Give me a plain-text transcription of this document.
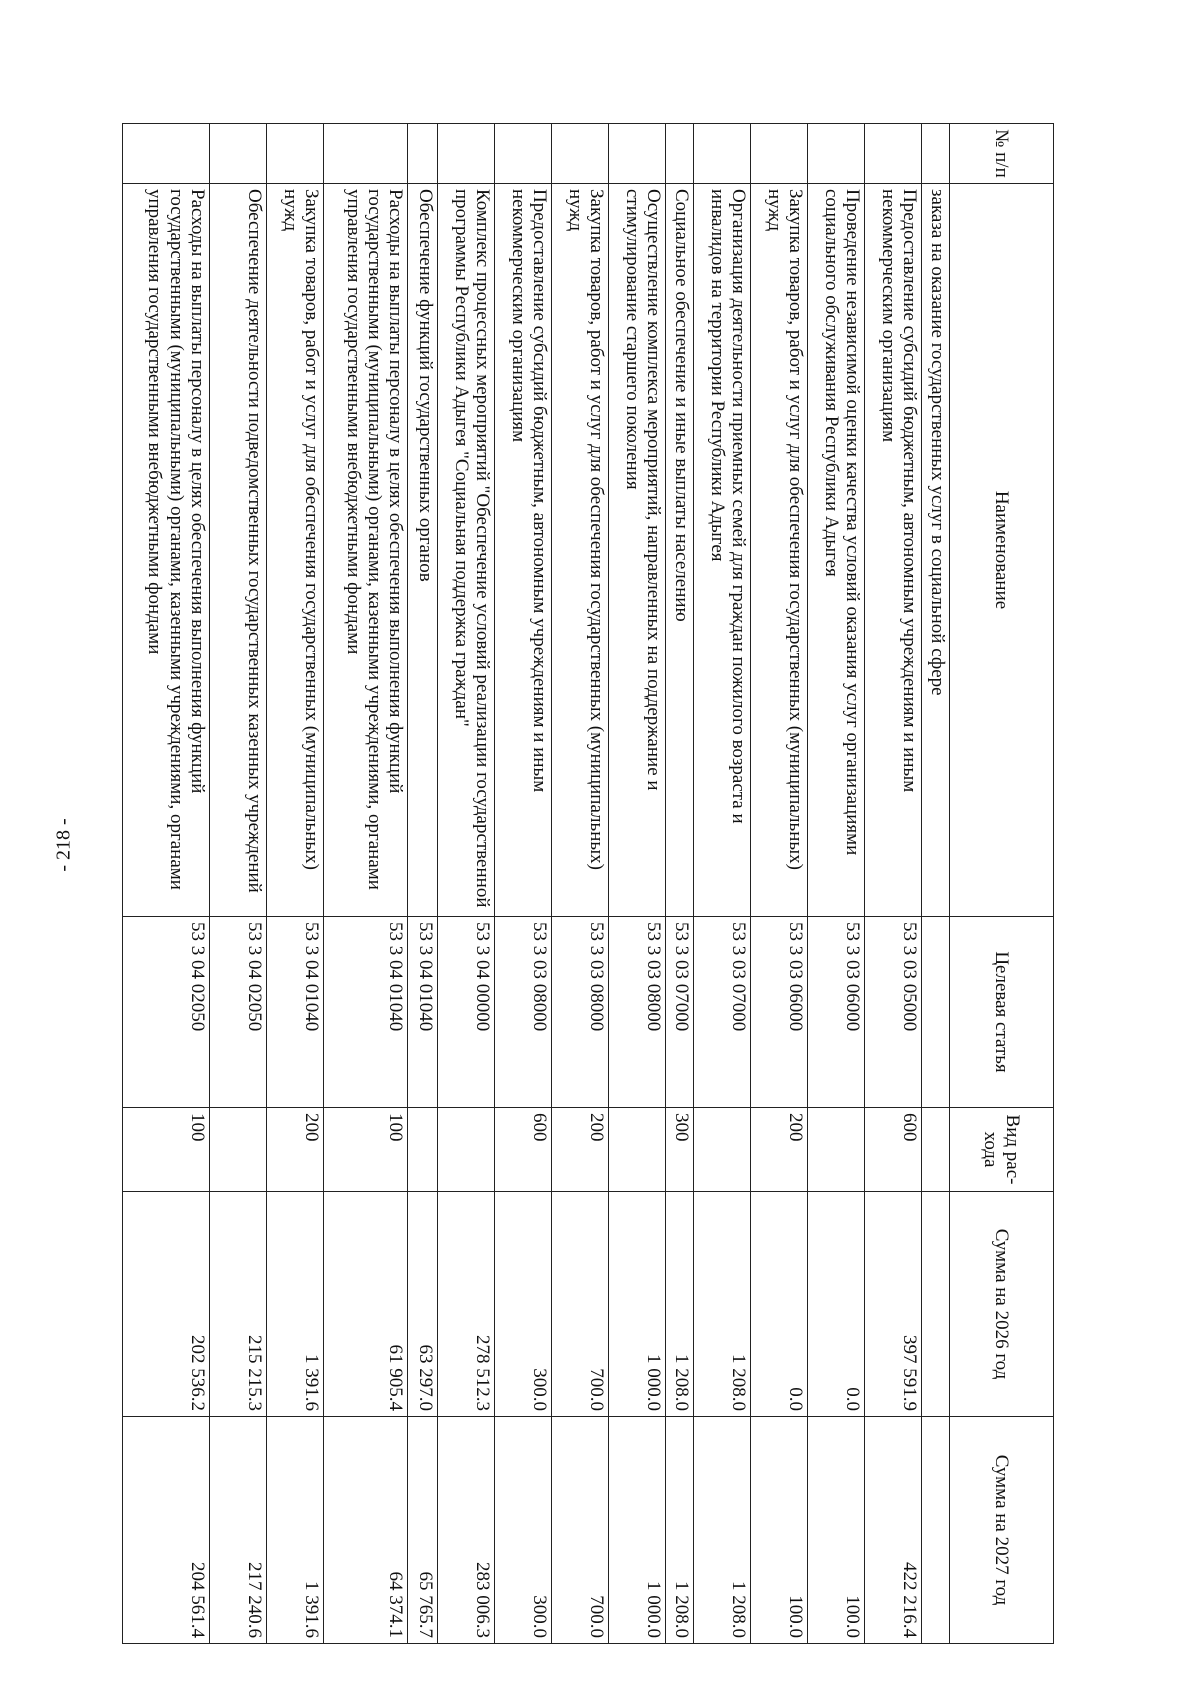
- 218 -
№ п/п	Наименование	Целевая статья	Вид рас-хода	Сумма на 2026 год	Сумма на 2027 год
	заказа на оказание государственных услуг в социальной сфере				
	Предоставление субсидий бюджетным, автономным учреждениям и иным некоммерческим организациям	53 3 03 05000	600	397 591.9	422 216.4
	Проведение независимой оценки качества условий оказания услуг организациями социального обслуживания Республики Адыгея	53 3 03 06000		0.0	100.0
	Закупка товаров, работ и услуг для обеспечения государственных (муниципальных) нужд	53 3 03 06000	200	0.0	100.0
	Организация деятельности приемных семей для граждан пожилого возраста и инвалидов на территории Республики Адыгея	53 3 03 07000		1 208.0	1 208.0
	Социальное обеспечение и иные выплаты населению	53 3 03 07000	300	1 208.0	1 208.0
	Осуществление комплекса мероприятий, направленных на поддержание и стимулирование старшего поколения	53 3 03 08000		1 000.0	1 000.0
	Закупка товаров, работ и услуг для обеспечения государственных (муниципальных) нужд	53 3 03 08000	200	700.0	700.0
	Предоставление субсидий бюджетным, автономным учреждениям и иным некоммерческим организациям	53 3 03 08000	600	300.0	300.0
	Комплекс процессных мероприятий "Обеспечение условий реализации государственной программы Республики Адыгея "Социальная поддержка граждан"	53 3 04 00000		278 512.3	283 006.3
	Обеспечение функций государственных органов	53 3 04 01040		63 297.0	65 765.7
	Расходы на выплаты персоналу в целях обеспечения выполнения функций государственными (муниципальными) органами, казенными учреждениями, органами управления государственными внебюджетными фондами	53 3 04 01040	100	61 905.4	64 374.1
	Закупка товаров, работ и услуг для обеспечения государственных (муниципальных) нужд	53 3 04 01040	200	1 391.6	1 391.6
	Обеспечение деятельности подведомственных государственных казенных учреждений	53 3 04 02050		215 215.3	217 240.6
	Расходы на выплаты персоналу в целях обеспечения выполнения функций государственными (муниципальными) органами, казенными учреждениями, органами управления государственными внебюджетными фондами	53 3 04 02050	100	202 536.2	204 561.4
